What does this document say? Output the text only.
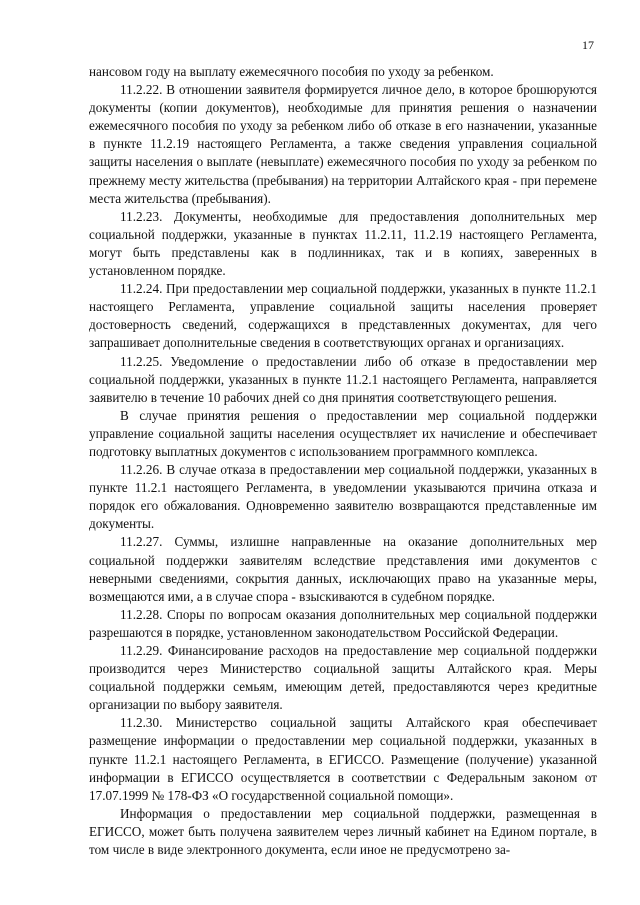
17

нансовом году на выплату ежемесячного пособия по уходу за ребенком.

11.2.22. В отношении заявителя формируется личное дело, в которое брошюруются документы (копии документов), необходимые для принятия решения о назначении ежемесячного пособия по уходу за ребенком либо об отказе в его назначении, указанные в пункте 11.2.19 настоящего Регламента, а также сведения управления социальной защиты населения о выплате (невыплате) ежемесячного пособия по уходу за ребенком по прежнему месту жительства (пребывания) на территории Алтайского края - при перемене места жительства (пребывания).

11.2.23. Документы, необходимые для предоставления дополнительных мер социальной поддержки, указанные в пунктах 11.2.11, 11.2.19 настоящего Регламента, могут быть представлены как в подлинниках, так и в копиях, заверенных в установленном порядке.

11.2.24. При предоставлении мер социальной поддержки, указанных в пункте 11.2.1 настоящего Регламента, управление социальной защиты населения проверяет достоверность сведений, содержащихся в представленных документах, для чего запрашивает дополнительные сведения в соответствующих органах и организациях.

11.2.25. Уведомление о предоставлении либо об отказе в предоставлении мер социальной поддержки, указанных в пункте 11.2.1 настоящего Регламента, направляется заявителю в течение 10 рабочих дней со дня принятия соответствующего решения.

В случае принятия решения о предоставлении мер социальной поддержки управление социальной защиты населения осуществляет их начисление и обеспечивает подготовку выплатных документов с использованием программного комплекса.

11.2.26. В случае отказа в предоставлении мер социальной поддержки, указанных в пункте 11.2.1 настоящего Регламента, в уведомлении указываются причина отказа и порядок его обжалования. Одновременно заявителю возвращаются представленные им документы.

11.2.27. Суммы, излишне направленные на оказание дополнительных мер социальной поддержки заявителям вследствие представления ими документов с неверными сведениями, сокрытия данных, исключающих право на указанные меры, возмещаются ими, а в случае спора - взыскиваются в судебном порядке.

11.2.28. Споры по вопросам оказания дополнительных мер социальной поддержки разрешаются в порядке, установленном законодательством Российской Федерации.

11.2.29. Финансирование расходов на предоставление мер социальной поддержки производится через Министерство социальной защиты Алтайского края. Меры социальной поддержки семьям, имеющим детей, предоставляются через кредитные организации по выбору заявителя.

11.2.30. Министерство социальной защиты Алтайского края обеспечивает размещение информации о предоставлении мер социальной поддержки, указанных в пункте 11.2.1 настоящего Регламента, в ЕГИССО. Размещение (получение) указанной информации в ЕГИССО осуществляется в соответствии с Федеральным законом от 17.07.1999 № 178-ФЗ «О государственной социальной помощи».

Информация о предоставлении мер социальной поддержки, размещенная в ЕГИССО, может быть получена заявителем через личный кабинет на Едином портале, в том числе в виде электронного документа, если иное не предусмотрено за-
